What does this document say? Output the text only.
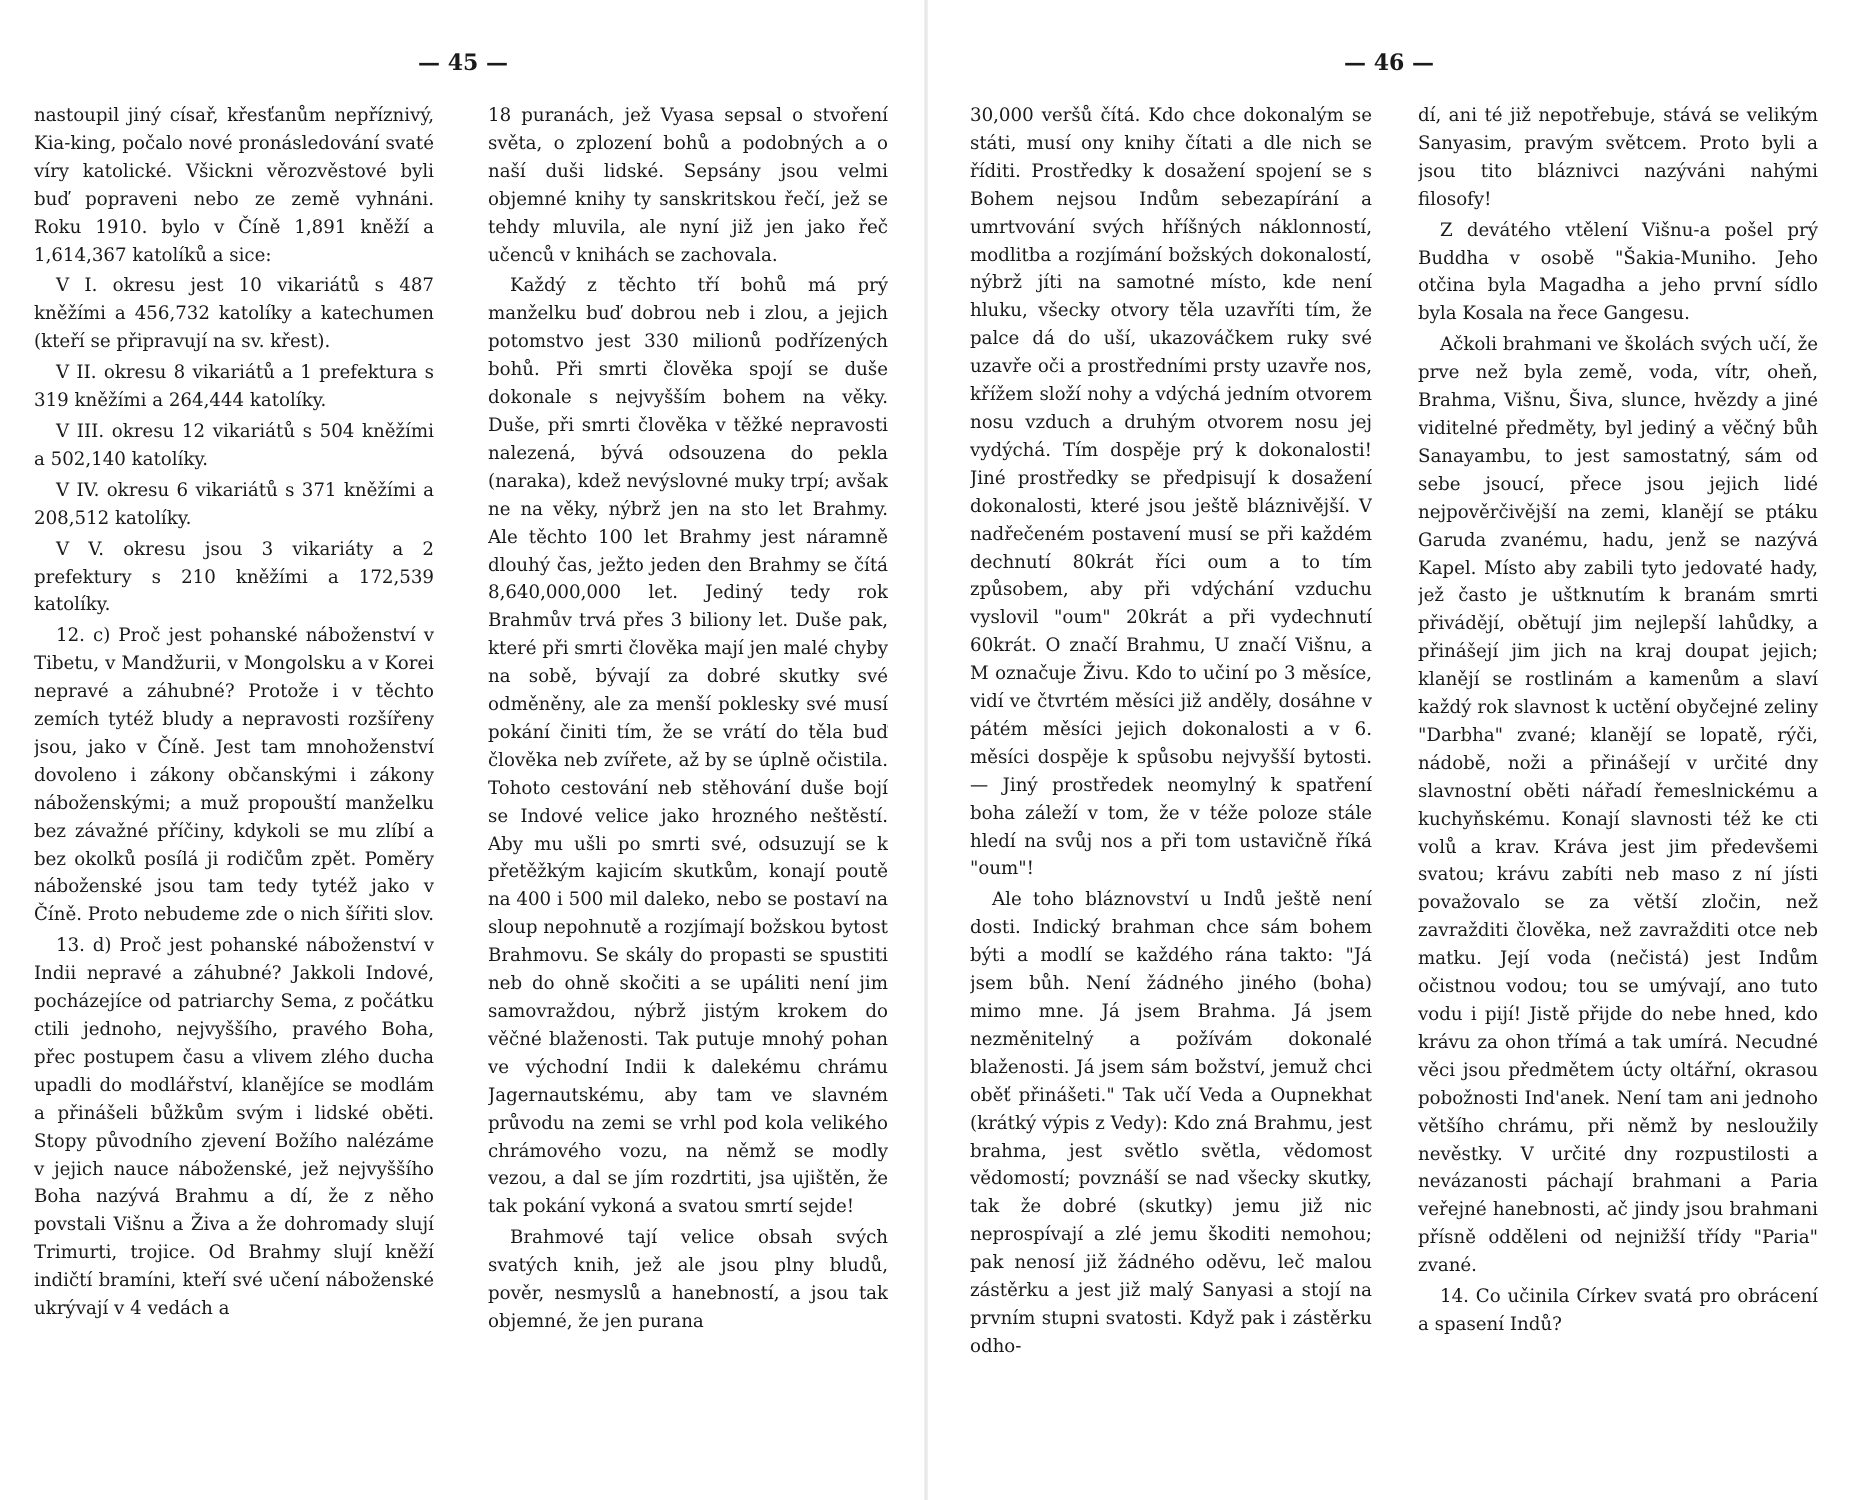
— 45 —

nastoupil jiný císař, křesťanům nepříznivý, Kia-king, počalo nové pronásledování svaté víry katolické. Všickni věrozvěstové byli buď popraveni nebo ze země vyhnáni. Roku 1910. bylo v Číně 1,891 kněží a 1,614,367 katolíků a sice:

V I. okresu jest 10 vikariátů s 487 kněžími a 456,732 katolíky a katechumen (kteří se připravují na sv. křest).

V II. okresu 8 vikariátů a 1 prefektura s 319 kněžími a 264,444 katolíky.

V III. okresu 12 vikariátů s 504 kněžími a 502,140 katolíky.

V IV. okresu 6 vikariátů s 371 kněžími a 208,512 katolíky.

V V. okresu jsou 3 vikariáty a 2 prefektury s 210 kněžími a 172,539 katolíky.

12. c) Proč jest pohanské náboženství v Tibetu, v Mandžurii, v Mongolsku a v Korei nepravé a záhubné? Protože i v těchto zemích tytéž bludy a nepravosti rozšířeny jsou, jako v Číně. Jest tam mnohoženství dovoleno i zákony občanskými i zákony náboženskými; a muž propouští manželku bez závažné příčiny, kdykoli se mu zlíbí a bez okolků posílá ji rodičům zpět. Poměry náboženské jsou tam tedy tytéž jako v Číně. Proto nebudeme zde o nich šířiti slov.

13. d) Proč jest pohanské náboženství v Indii nepravé a záhubné? Jakkoli Indové, pocházejíce od patriarchy Sema, z počátku ctili jednoho, nejvyššího, pravého Boha, přec postupem času a vlivem zlého ducha upadli do modlářství, klanějíce se modlám a přinášeli bůžkům svým i lidské oběti. Stopy původního zjevení Božího nalézáme v jejich nauce náboženské, jež nejvyššího Boha nazývá Brahmu a dí, že z něho povstali Višnu a Živa a že dohromady slují Trimurti, trojice. Od Brahmy slují kněží indičtí bramíni, kteří své učení náboženské ukrývají v 4 vedách a

18 puranách, jež Vyasa sepsal o stvoření světa, o zplození bohů a podobných a o naší duši lidské. Sepsány jsou velmi objemné knihy ty sanskritskou řečí, jež se tehdy mluvila, ale nyní již jen jako řeč učenců v knihách se zachovala.

Každý z těchto tří bohů má prý manželku buď dobrou neb i zlou, a jejich potomstvo jest 330 milionů podřízených bohů. Při smrti člověka spojí se duše dokonale s nejvyšším bohem na věky. Duše, při smrti člověka v těžké nepravosti nalezená, bývá odsouzena do pekla (naraka), kdež nevýslovné muky trpí; avšak ne na věky, nýbrž jen na sto let Brahmy. Ale těchto 100 let Brahmy jest náramně dlouhý čas, ježto jeden den Brahmy se čítá 8,640,000,000 let. Jediný tedy rok Brahmův trvá přes 3 biliony let. Duše pak, které při smrti člověka mají jen malé chyby na sobě, bývají za dobré skutky své odměněny, ale za menší poklesky své musí pokání činiti tím, že se vrátí do těla buď člověka neb zvířete, až by se úplně očistila. Tohoto cestování neb stěhování duše bojí se Indové velice jako hrozného neštěstí. Aby mu ušli po smrti své, odsuzují se k přetěžkým kajicím skutkům, konají poutě na 400 i 500 mil daleko, nebo se postaví na sloup nepohnutě a rozjímají božskou bytost Brahmovu. Se skály do propasti se spustiti neb do ohně skočiti a se upáliti není jim samovraždou, nýbrž jistým krokem do věčné blaženosti. Tak putuje mnohý pohan ve východní Indii k dalekému chrámu Jagernautskému, aby tam ve slavném průvodu na zemi se vrhl pod kola velikého chrámového vozu, na němž se modly vezou, a dal se jím rozdrtiti, jsa ujištěn, že tak pokání vykoná a svatou smrtí sejde!

Brahmové tají velice obsah svých svatých knih, jež ale jsou plny bludů, pověr, nesmyslů a hanebností, a jsou tak objemné, že jen purana

— 46 —

30,000 veršů čítá. Kdo chce dokonalým se státi, musí ony knihy čítati a dle nich se říditi. Prostředky k dosažení spojení se s Bohem nejsou Indům sebezapírání a umrtvování svých hříšných náklonností, modlitba a rozjímání božských dokonalostí, nýbrž jíti na samotné místo, kde není hluku, všecky otvory těla uzavříti tím, že palce dá do uší, ukazováčkem ruky své uzavře oči a prostředními prsty uzavře nos, křížem složí nohy a vdýchá jedním otvorem nosu vzduch a druhým otvorem nosu jej vydýchá. Tím dospěje prý k dokonalosti! Jiné prostředky se předpisují k dosažení dokonalosti, které jsou ještě bláznivější. V nadřečeném postavení musí se při každém dechnutí 80krát říci oum a to tím způsobem, aby při vdýchání vzduchu vyslovil "oum" 20krát a při vydechnutí 60krát. O značí Brahmu, U značí Višnu, a M označuje Živu. Kdo to učiní po 3 měsíce, vidí ve čtvrtém měsíci již anděly, dosáhne v pátém měsíci jejich dokonalosti a v 6. měsíci dospěje k spůsobu nejvyšší bytosti. — Jiný prostředek neomylný k spatření boha záleží v tom, že v téže poloze stále hledí na svůj nos a při tom ustavičně říká "oum"!

Ale toho bláznovství u Indů ještě není dosti. Indický brahman chce sám bohem býti a modlí se každého rána takto: "Já jsem bůh. Není žádného jiného (boha) mimo mne. Já jsem Brahma. Já jsem nezměnitelný a požívám dokonalé blaženosti. Já jsem sám božství, jemuž chci oběť přinášeti." Tak učí Veda a Oupnekhat (krátký výpis z Vedy): Kdo zná Brahmu, jest brahma, jest světlo světla, vědomost vědomostí; povznáší se nad všecky skutky, tak že dobré (skutky) jemu již nic neprospívají a zlé jemu škoditi nemohou; pak nenosí již žádného oděvu, leč malou zástěrku a jest již malý Sanyasi a stojí na prvním stupni svatosti. Když pak i zástěrku odho-

dí, ani té již nepotřebuje, stává se velikým Sanyasim, pravým světcem. Proto byli a jsou tito bláznivci nazýváni nahými filosofy!

Z devátého vtělení Višnu-a pošel prý Buddha v osobě "Šakia-Muniho. Jeho otčina byla Magadha a jeho první sídlo byla Kosala na řece Gangesu.

Ačkoli brahmani ve školách svých učí, že prve než byla země, voda, vítr, oheň, Brahma, Višnu, Šiva, slunce, hvězdy a jiné viditelné předměty, byl jediný a věčný bůh Sanayambu, to jest samostatný, sám od sebe jsoucí, přece jsou jejich lidé nejpověrčivější na zemi, klanějí se ptáku Garuda zvanému, hadu, jenž se nazývá Kapel. Místo aby zabili tyto jedovaté hady, jež často je uštknutím k branám smrti přivádějí, obětují jim nejlepší lahůdky, a přinášejí jim jich na kraj doupat jejich; klanějí se rostlinám a kamenům a slaví každý rok slavnost k uctění obyčejné zeliny "Darbha" zvané; klanějí se lopatě, rýči, nádobě, noži a přinášejí v určité dny slavnostní oběti nářadí řemeslnickému a kuchyňskému. Konají slavnosti též ke cti volů a krav. Kráva jest jim předevšemi svatou; krávu zabíti neb maso z ní jísti považovalo se za větší zločin, než zavražditi člověka, než zavražditi otce neb matku. Její voda (nečistá) jest Indům očistnou vodou; tou se umývají, ano tuto vodu i pijí! Jistě přijde do nebe hned, kdo krávu za ohon třímá a tak umírá. Necudné věci jsou předmětem úcty oltářní, okrasou pobožnosti Ind'anek. Není tam ani jednoho většího chrámu, při němž by nesloužily nevěstky. V určité dny rozpustilosti a nevázanosti páchají brahmani a Paria veřejné hanebnosti, ač jindy jsou brahmani přísně odděleni od nejnižší třídy "Paria" zvané.

14. Co učinila Církev svatá pro obrácení a spasení Indů?
